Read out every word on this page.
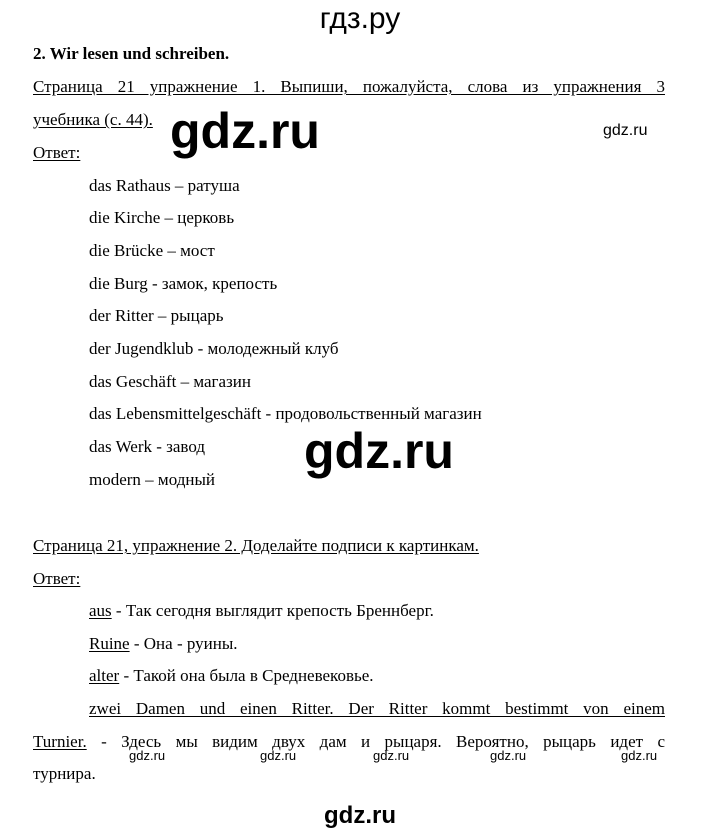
гдз.ру
gdz.ru	gdz.ru
gdz.ru
gdz.ru	gdz.ru	gdz.ru	gdz.ru	gdz.ru
gdz.ru
2. Wir lesen und schreiben.
Страница 21 упражнение 1. Выпиши, пожалуйста, слова из упражнения 3
учебника (с. 44).
Ответ:
das Rathaus – ратуша
die Kirche – церковь
die Brücke – мост
die Burg - замок, крепость
der Ritter – рыцарь
der Jugendklub - молодежный клуб
das Geschäft – магазин
das Lebensmittelgeschäft - продовольственный магазин
das Werk - завод
modern – модный
Страница 21, упражнение 2. Доделайте подписи к картинкам.
Ответ:
aus - Так сегодня выглядит крепость Бреннберг.
Ruine - Она - руины.
alter - Такой она была в Средневековье.
zwei Damen und einen Ritter. Der Ritter kommt bestimmt von einem
Turnier. - Здесь мы видим двух дам и рыцаря. Вероятно, рыцарь идет с
турнира.
